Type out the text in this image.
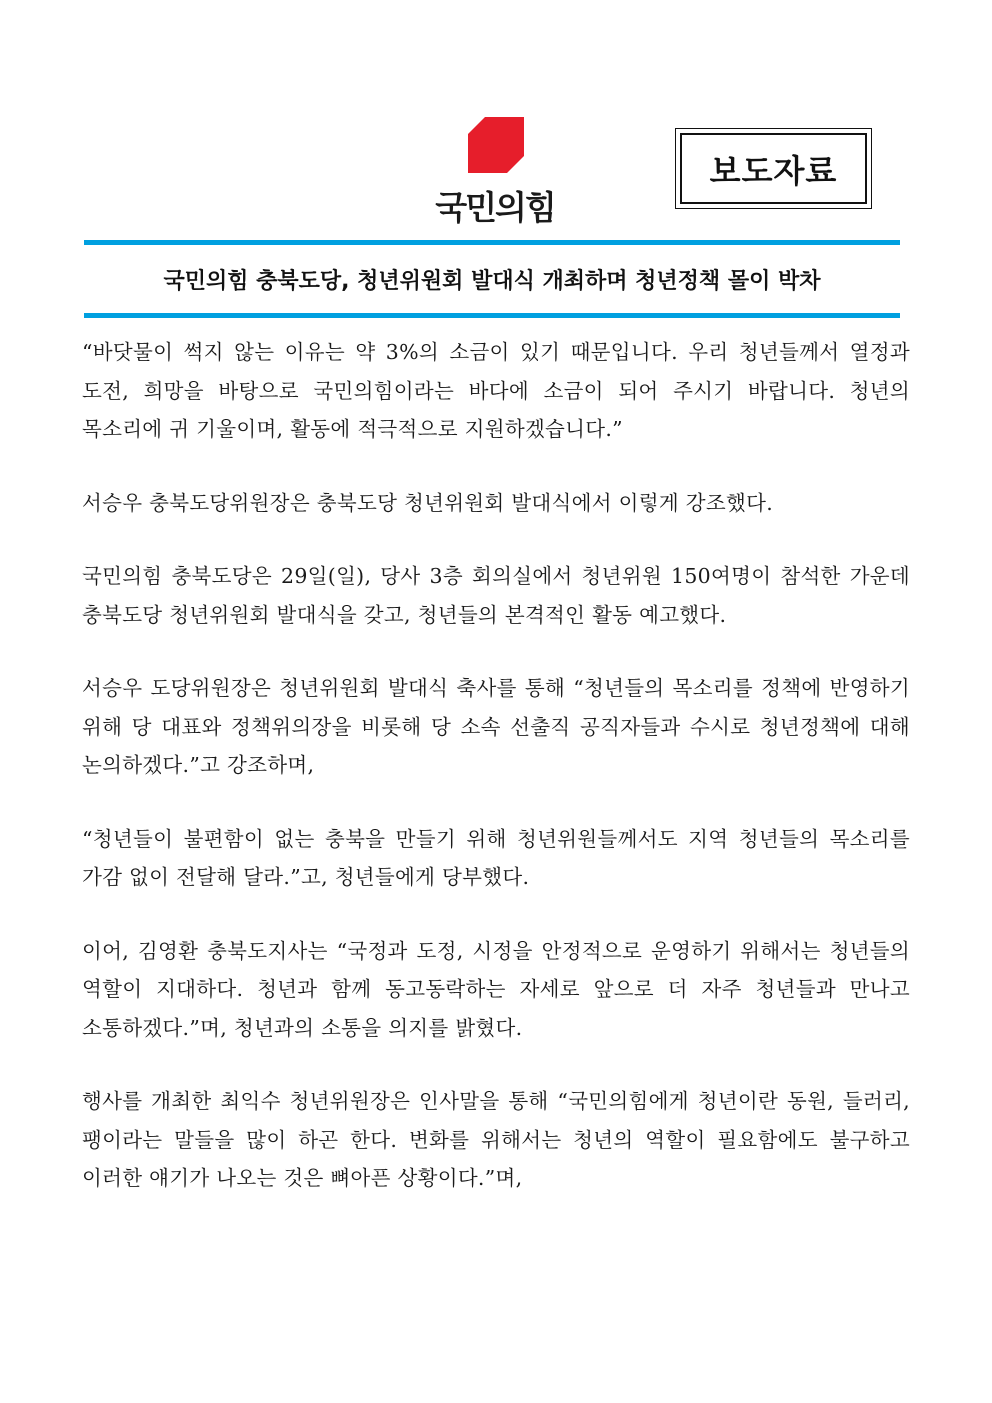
국민의힘
보도자료
국민의힘 충북도당, 청년위원회 발대식 개최하며 청년정책 몰이 박차

“바닷물이 썩지 않는 이유는 약 3%의 소금이 있기 때문입니다. 우리 청년들께서 열정과 도전, 희망을 바탕으로 국민의힘이라는 바다에 소금이 되어 주시기 바랍니다. 청년의 목소리에 귀 기울이며, 활동에 적극적으로 지원하겠습니다.”

서승우 충북도당위원장은 충북도당 청년위원회 발대식에서 이렇게 강조했다.

국민의힘 충북도당은 29일(일), 당사 3층 회의실에서 청년위원 150여명이 참석한 가운데 충북도당 청년위원회 발대식을 갖고, 청년들의 본격적인 활동 예고했다.

서승우 도당위원장은 청년위원회 발대식 축사를 통해 “청년들의 목소리를 정책에 반영하기 위해 당 대표와 정책위의장을 비롯해 당 소속 선출직 공직자들과 수시로 청년정책에 대해 논의하겠다.”고 강조하며,

“청년들이 불편함이 없는 충북을 만들기 위해 청년위원들께서도 지역 청년들의 목소리를 가감 없이 전달해 달라.”고, 청년들에게 당부했다.

이어, 김영환 충북도지사는 “국정과 도정, 시정을 안정적으로 운영하기 위해서는 청년들의 역할이 지대하다. 청년과 함께 동고동락하는 자세로 앞으로 더 자주 청년들과 만나고 소통하겠다.”며, 청년과의 소통을 의지를 밝혔다.

행사를 개최한 최익수 청년위원장은 인사말을 통해 “국민의힘에게 청년이란 동원, 들러리, 팽이라는 말들을 많이 하곤 한다. 변화를 위해서는 청년의 역할이 필요함에도 불구하고 이러한 얘기가 나오는 것은 뼈아픈 상황이다.”며,
